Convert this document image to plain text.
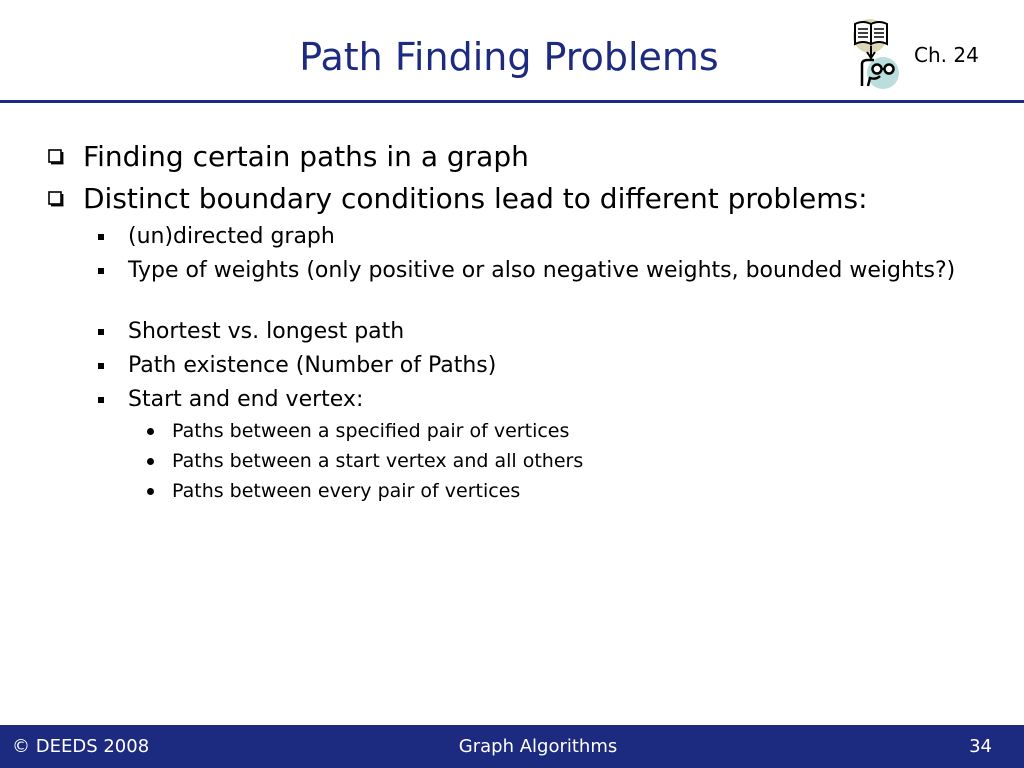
Path Finding Problems	Ch. 24
Finding certain paths in a graph
Distinct boundary conditions lead to different problems:
(un)directed graph
Type of weights (only positive or also negative weights, bounded weights?)
Shortest vs. longest path
Path existence (Number of Paths)
Start and end vertex:
Paths between a specified pair of vertices
Paths between a start vertex and all others
Paths between every pair of vertices
© DEEDS 2008	Graph Algorithms	34
